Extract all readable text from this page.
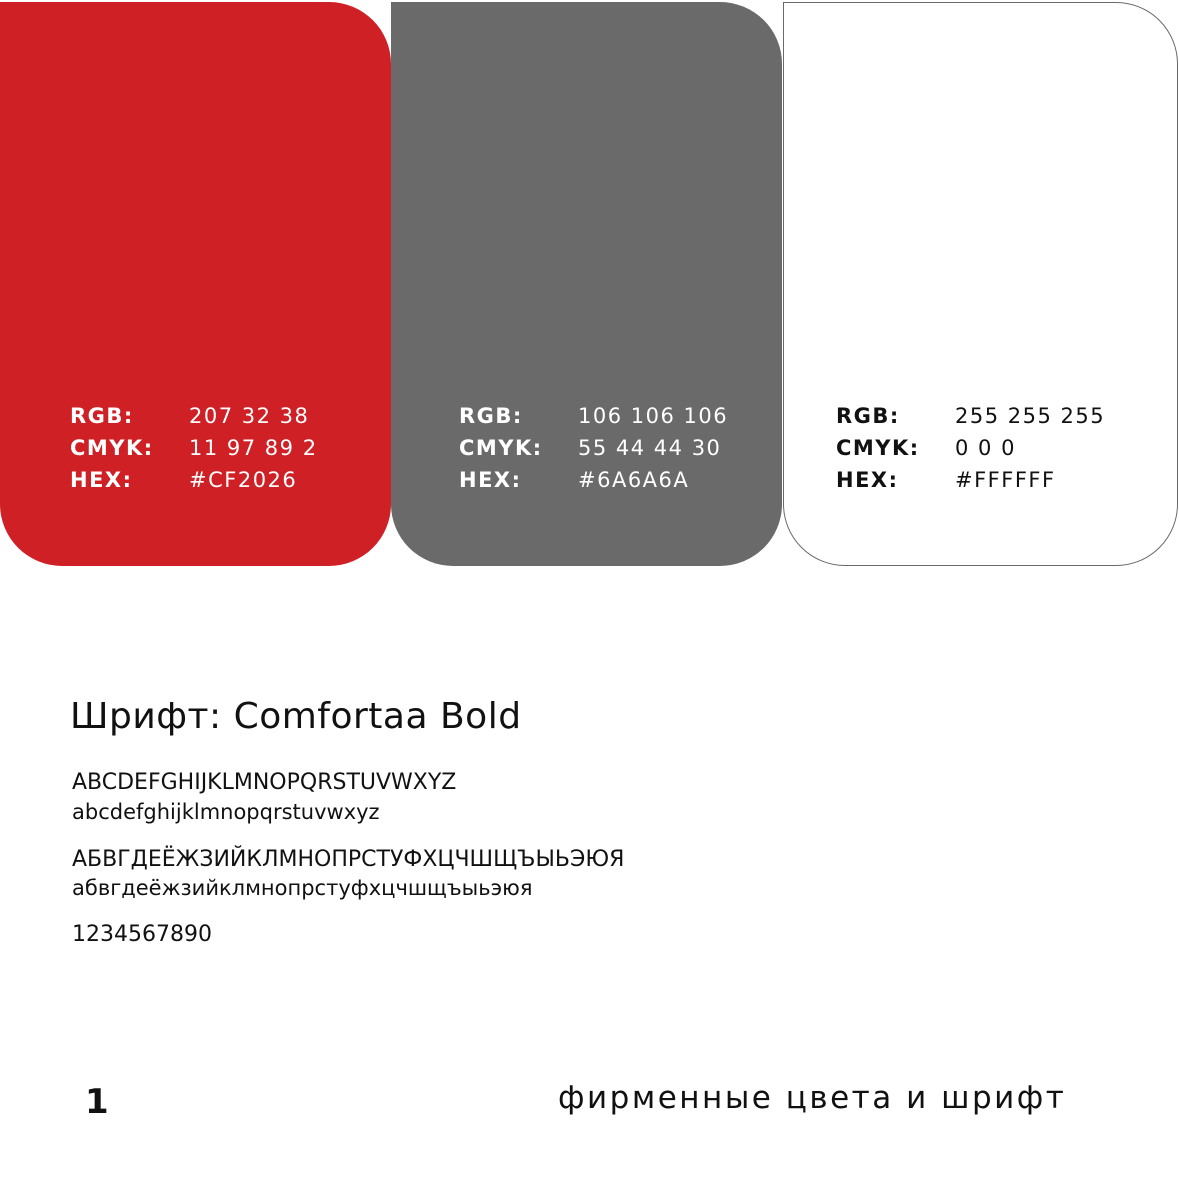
RGB:	207 32 38
CMYK:	11 97 89 2
HEX:	#CF2026
RGB:	106 106 106
CMYK:	55 44 44 30
HEX:	#6A6A6A
RGB:	255 255 255
CMYK:	0 0 0
HEX:	#FFFFFF
Шрифт: Comfortaa Bold
ABCDEFGHIJKLMNOPQRSTUVWXYZ
abcdefghijklmnopqrstuvwxyz
АБВГДЕЁЖЗИЙКЛМНОПРСТУФХЦЧШЩЪЫЬЭЮЯ
абвгдеёжзийклмнопрстуфхцчшщъыьэюя
1234567890
1	фирменные цвета и шрифт
